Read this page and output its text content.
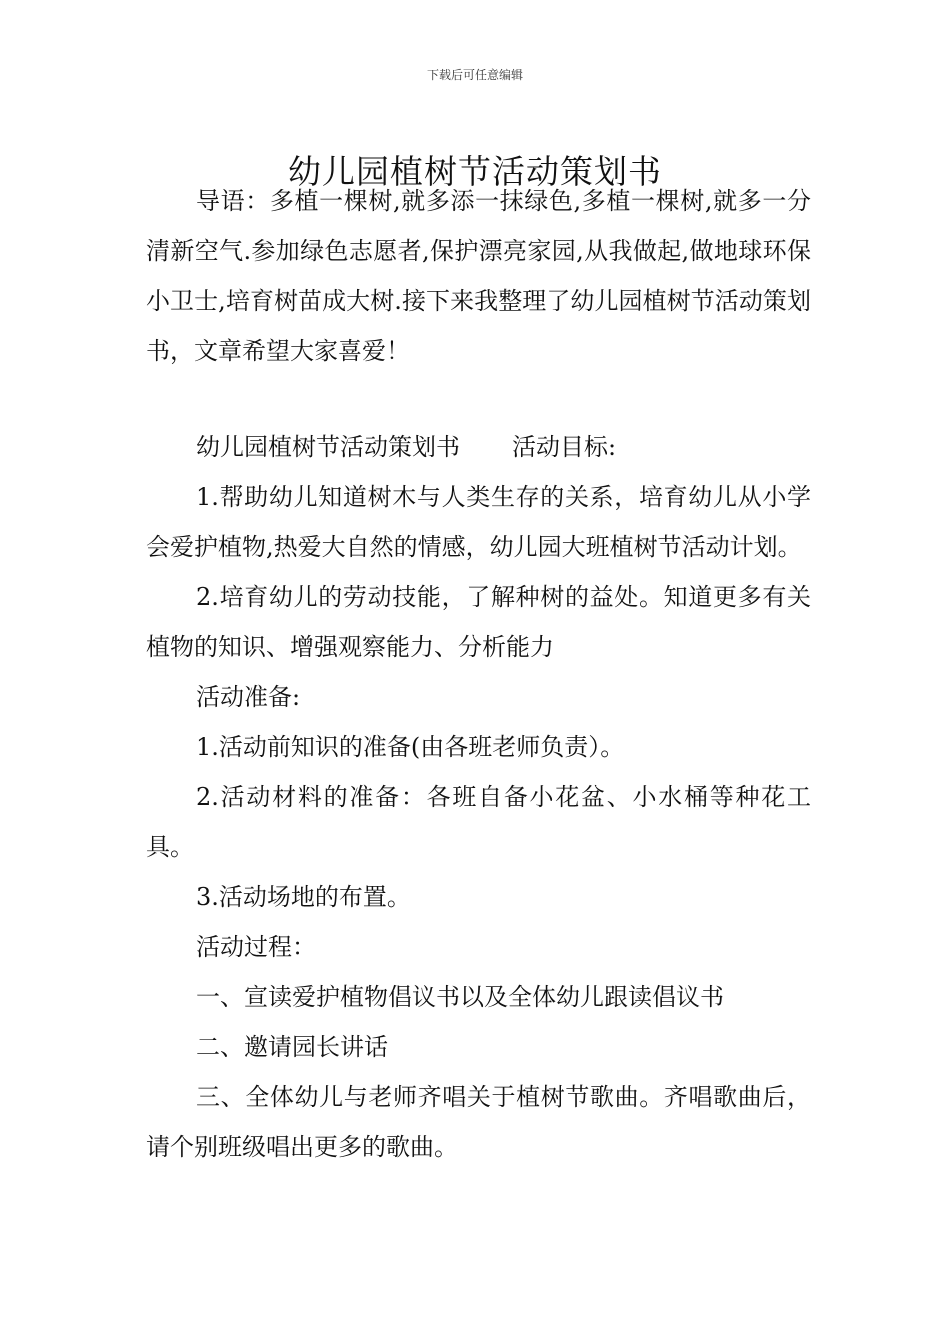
下载后可任意编辑
幼儿园植树节活动策划书

导语：多植一棵树,就多添一抹绿色,多植一棵树,就多一分清新空气.参加绿色志愿者,保护漂亮家园,从我做起,做地球环保小卫士,培育树苗成大树.接下来我整理了幼儿园植树节活动策划书，文章希望大家喜爱！

幼儿园植树节活动策划书 活动目标:

1.帮助幼儿知道树木与人类生存的关系，培育幼儿从小学会爱护植物,热爱大自然的情感，幼儿园大班植树节活动计划。

2.培育幼儿的劳动技能，了解种树的益处。知道更多有关植物的知识、增强观察能力、分析能力

活动准备:

1.活动前知识的准备(由各班老师负责）。

2.活动材料的准备：各班自备小花盆、小水桶等种花工具。

3.活动场地的布置。

活动过程：

一、宣读爱护植物倡议书以及全体幼儿跟读倡议书

二、邀请园长讲话

三、全体幼儿与老师齐唱关于植树节歌曲。齐唱歌曲后，请个别班级唱出更多的歌曲。
